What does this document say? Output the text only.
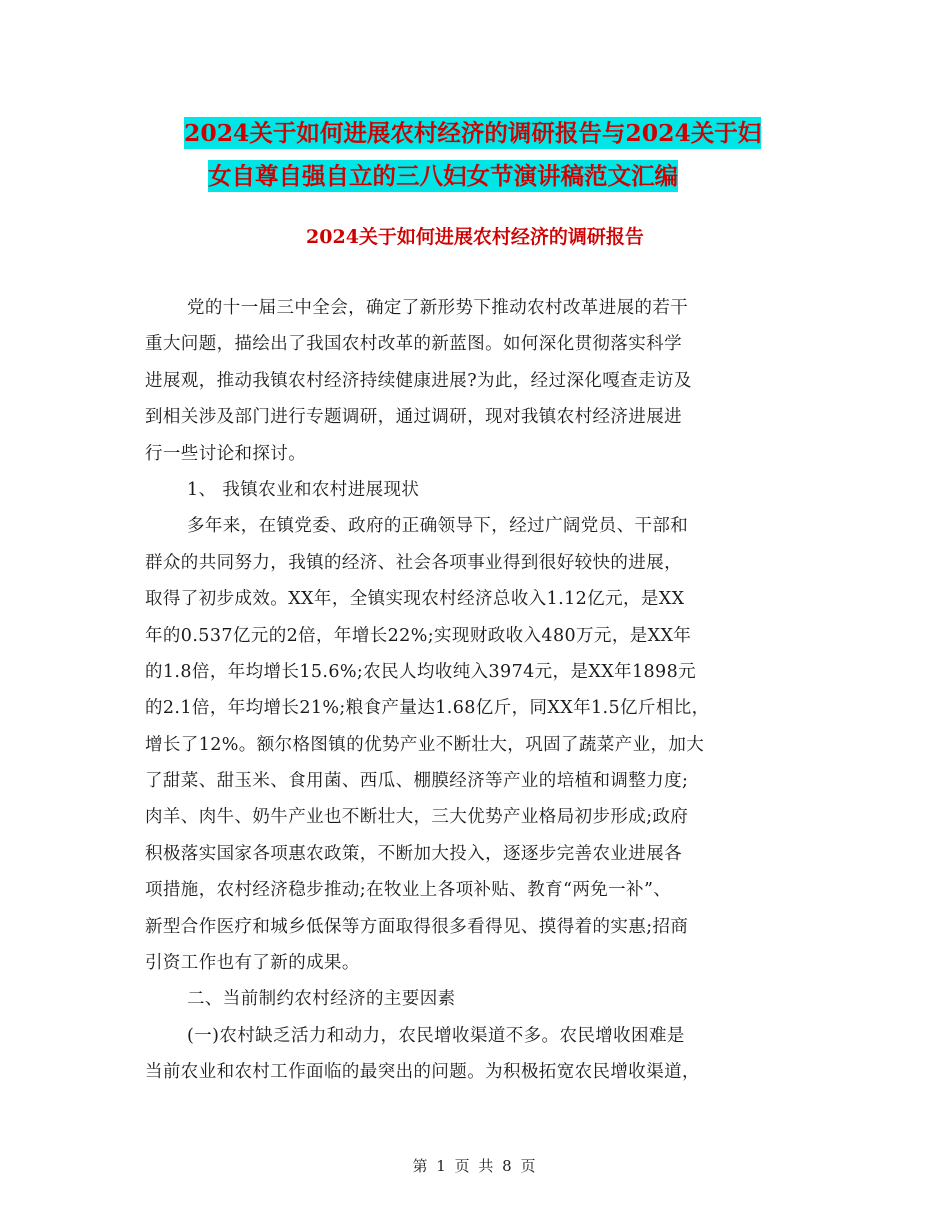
2024关于如何进展农村经济的调研报告与2024关于妇
女自尊自强自立的三八妇女节演讲稿范文汇编
2024关于如何进展农村经济的调研报告
党的十一届三中全会，确定了新形势下推动农村改革进展的若干
重大问题，描绘出了我国农村改革的新蓝图。如何深化贯彻落实科学
进展观，推动我镇农村经济持续健康进展?为此，经过深化嘎查走访及
到相关涉及部门进行专题调研，通过调研，现对我镇农村经济进展进
行一些讨论和探讨。
1、 我镇农业和农村进展现状
多年来，在镇党委、政府的正确领导下，经过广阔党员、干部和
群众的共同努力，我镇的经济、社会各项事业得到很好较快的进展，
取得了初步成效。XX年，全镇实现农村经济总收入1.12亿元，是XX
年的0.537亿元的2倍，年增长22%;实现财政收入480万元，是XX年
的1.8倍，年均增长15.6%;农民人均收纯入3974元，是XX年1898元
的2.1倍，年均增长21%;粮食产量达1.68亿斤，同XX年1.5亿斤相比，
增长了12%。额尔格图镇的优势产业不断壮大，巩固了蔬菜产业，加大
了甜菜、甜玉米、食用菌、西瓜、棚膜经济等产业的培植和调整力度;
肉羊、肉牛、奶牛产业也不断壮大，三大优势产业格局初步形成;政府
积极落实国家各项惠农政策，不断加大投入，逐逐步完善农业进展各
项措施，农村经济稳步推动;在牧业上各项补贴、教育“两免一补”、
新型合作医疗和城乡低保等方面取得很多看得见、摸得着的实惠;招商
引资工作也有了新的成果。
二、当前制约农村经济的主要因素
(一)农村缺乏活力和动力，农民增收渠道不多。农民增收困难是
当前农业和农村工作面临的最突出的问题。为积极拓宽农民增收渠道，
第 1 页 共 8 页
